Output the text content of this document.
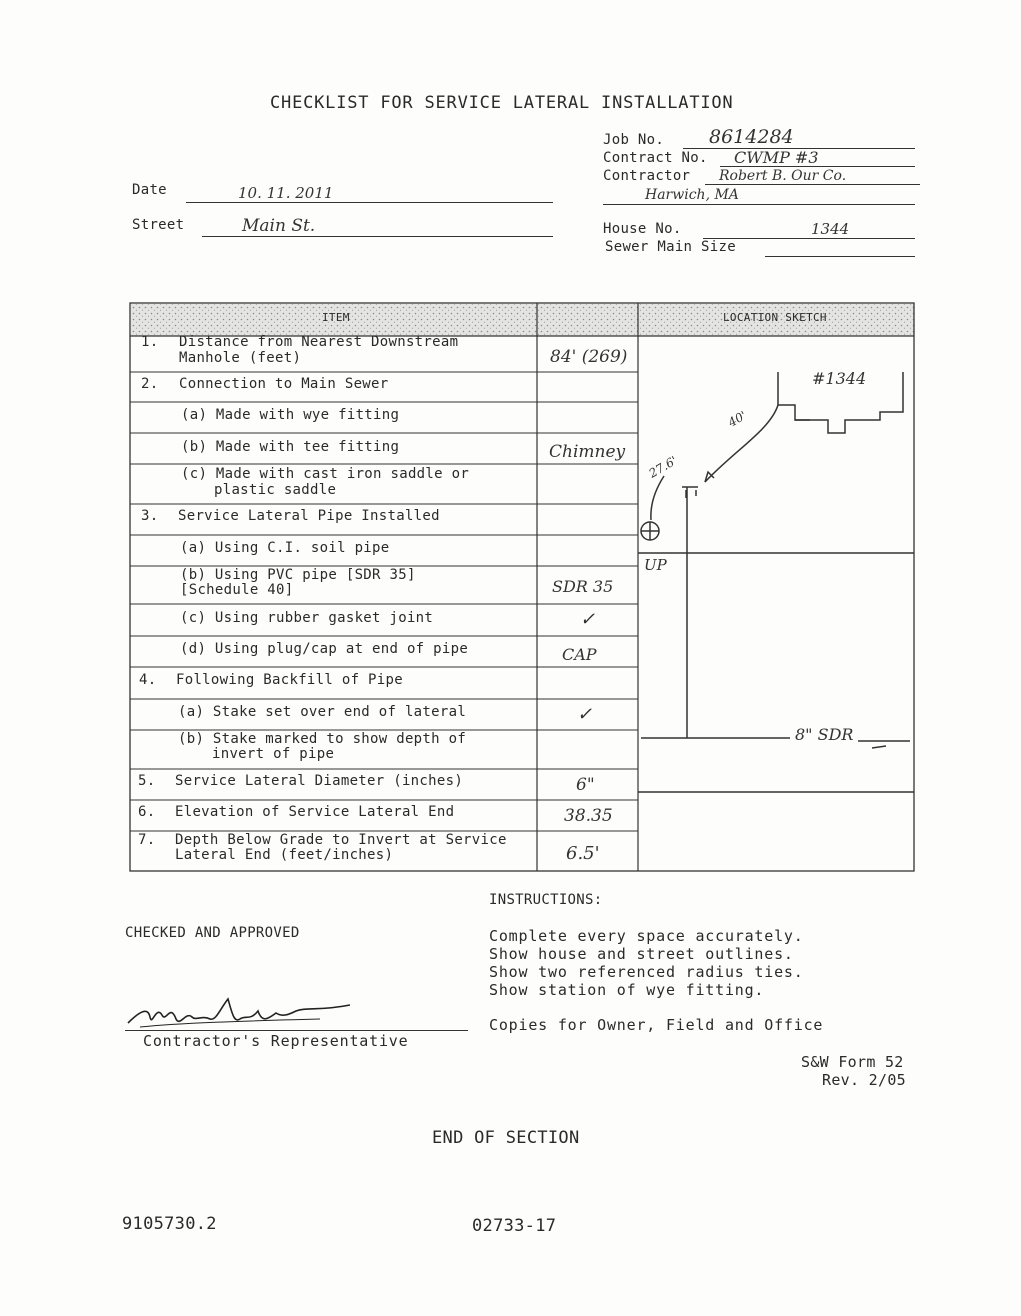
CHECKLIST FOR SERVICE LATERAL INSTALLATION
Job No. 8614284
Contract No. CWMP #3
Contractor Robert B. Our Co.
Harwich, MA
House No.	1344
Sewer Main Size
Date	10. 11. 2011
Street	Main St.
ITEM	LOCATION SKETCH
1. Distance from Nearest Downstream
Manhole (feet)	84' (269)
2. Connection to Main Sewer
(a) Made with wye fitting
(b) Made with tee fitting	Chimney
(c) Made with cast iron saddle or
plastic saddle
3. Service Lateral Pipe Installed
(a) Using C.I. soil pipe
(b) Using PVC pipe [SDR 35]
[Schedule 40]	SDR 35
(c) Using rubber gasket joint	✓
(d) Using plug/cap at end of pipe	CAP
4. Following Backfill of Pipe
(a) Stake set over end of lateral	✓
(b) Stake marked to show depth of
invert of pipe
5. Service Lateral Diameter (inches)	6"
6. Elevation of Service Lateral End	38.35
7. Depth Below Grade to Invert at Service
Lateral End (feet/inches)	6.5'
#1344
40'
27.6'
UP
8" SDR
INSTRUCTIONS:
Complete every space accurately.
Show house and street outlines.
Show two referenced radius ties.
Show station of wye fitting.
Copies for Owner, Field and Office
CHECKED AND APPROVED
Contractor's Representative
S&W Form 52
Rev. 2/05
END OF SECTION
9105730.2	02733-17
